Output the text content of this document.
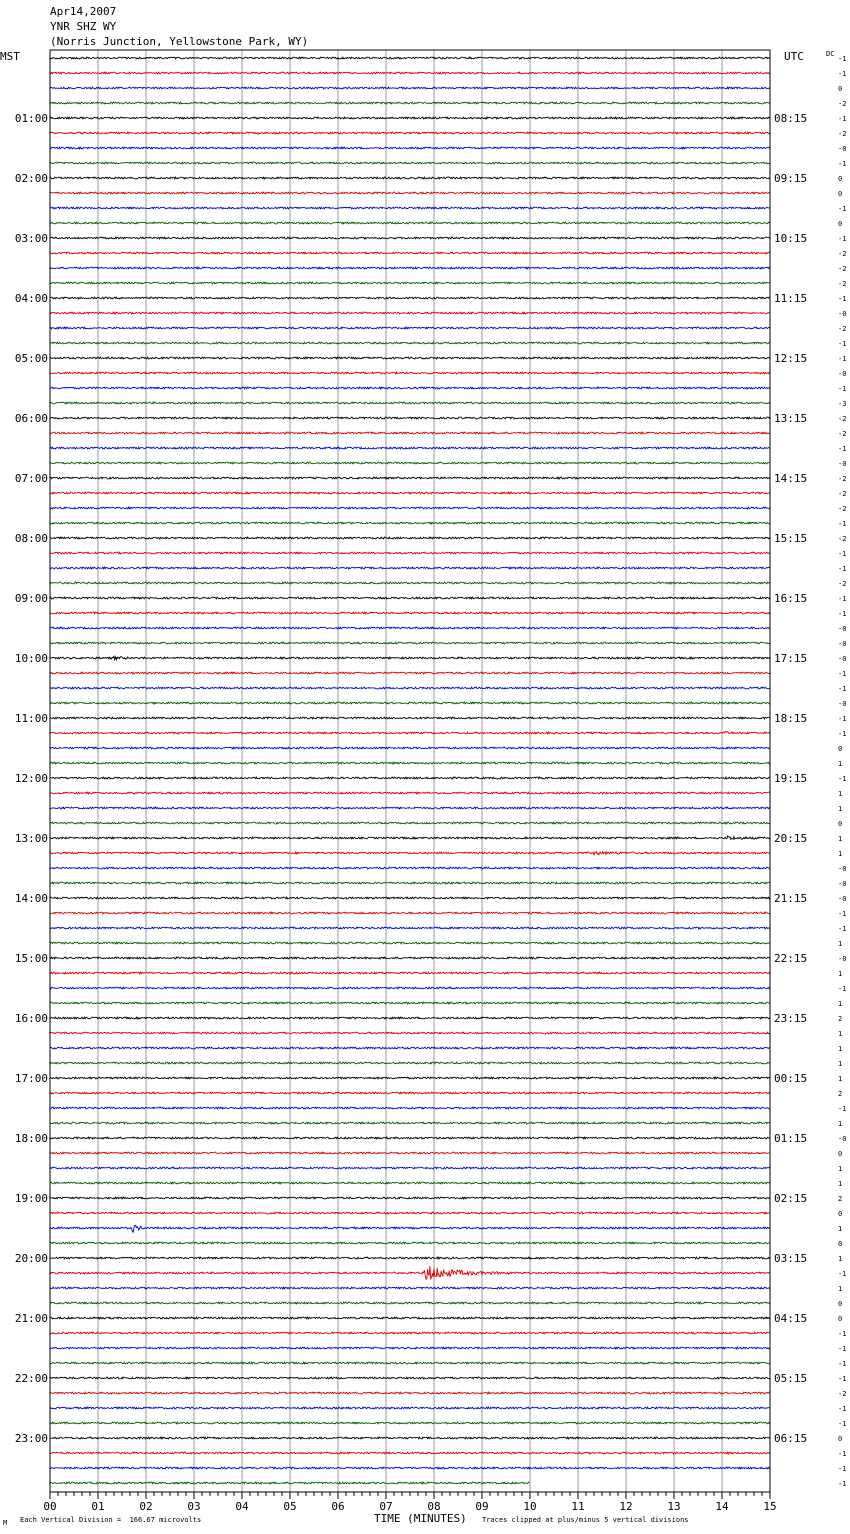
Apr14,2007
YNR SHZ WY
(Norris Junction, Yellowstone Park, WY)
MST	UTC	DC
-1
-1
0
-2
-1
-2
-0
-1
0
0
-1
0
-1
-2
-2
-2
-1
-0
-2
-1
-1
-0
-1
-3
-2
-2
-1
-0
-2
-2
-2
-1
-2
-1
-1
-2
-1
-1
-0
-0
-0
-1
-1
-0
-1
-1
0
1
-1
1
1
0
1
1
-0
-0
-0
-1
-1
1
-0
1
-1
1
2
1
1
1
1
2
-1
1
-0
0
1
1
2
0
1
0
1
-1
1
0
0
-1
-1
-1
-1
-2
-1
-1
0
-1
-1
-1
01:00
02:00
03:00
04:00
05:00
06:00
07:00
08:00
09:00
10:00
11:00
12:00
13:00
14:00
15:00
16:00
17:00
18:00
19:00
20:00
21:00
22:00
23:00
08:15
09:15
10:15
11:15
12:15
13:15
14:15
15:15
16:15
17:15
18:15
19:15
20:15
21:15
22:15
23:15
00:15
01:15
02:15
03:15
04:15
05:15
06:15
00	01	02	03	04	05	06	07	08	09	10	11	12	13	14	15
M Each Vertical Division =  166.67 microvolts	TIME (MINUTES) Traces clipped at plus/minus 5 vertical divisions
